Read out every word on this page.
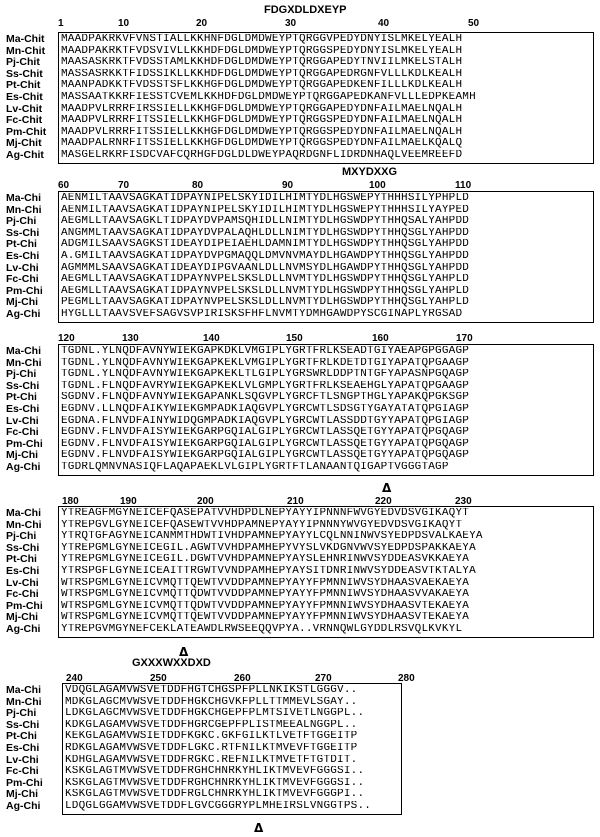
FDGXDLDXEYP
1	10	20	30	40	50
Ma-Chit MAADPAKRKVFVNSTIALLKKHNFDGLDMDWEYPTQRGGVPEDYDNYISLMKELYEALH
Mn-Chit MAADPAKRKTFVDSVIVLLKKHDFDGLDMDWEYPTQRGGSPEDYDNYISLMKELYEALH
Pj-Chit MAASASKRKTFVDSSTAMLKKHDFDGLDMDWEYPTQRGGAPEDYTNVIILMKELSTALH
Ss-Chit MASSASRKKTFIDSSIKLLKKHDFDGLDMDWEYPTQRGGAPEDRGNFVLLLKDLKEALH
Pt-Chit MAANPADKKTFVDSSTSFLKKHGFDGLDMDWEYPTQRGGAPEDKENFILLLKDLKEALH
Es-Chit MASSAATKKRFIESSTCVEMLKKHDFDGLDMDWEYPTQRGGAPEDKANFVLLLEDPKEAMH
Lv-Chit MAADPVLRRRFIRSSIELLKKHGFDGLDMDWEYPTQRGGAPEDYDNFAILMAELNQALH
Fc-Chit MAADPVLRRRFITSSIELLKKHGFDGLDMDWEYPTQRGGSPEDYDNFAILMAELNQALH
Pm-Chit MAADPVLRRRFITSSIELLKKHGFDGLDMDWEYPTQRGGSPEDYDNFAILMAELNQALH
Mj-Chit MAADPALRNRFITSSIELLKKHGFDGLDMDWEYPTQRGGSPEDYDNFAILMAELKQALQ
Ag-Chit MASGELRKRFISDCVAFCQRHGFDGLDLDWEYPAQRDGNFLIDRDNHAQLVEEMREEFD
MXYDXXG
60	70	80	90	100	110
Ma-Chi AENMILTAAVSAGKATIDPAYNIPELSKYIDILHIMTYDLHGSWEPYTHHHSILYPHPLD
Mn-Chi AENMILTAAVSAGKATIDPAYNIPELSKYIDILHIMTYDLHGSWEPYTHHHSILYAYPED
Pj-Chi AEGMLLTAAVSAGKLTIDPAYDVPAMSQHIDLLNIMTYDLHGSWDPYTHHQSALYAHPDD
Ss-Chi ANGMMLTAAVSAGKATIDPAYDVPALAQHLDLLNIMTYDLHGSWDPYTHHQSGLYAHPDD
Pt-Chi ADGMILSAAVSAGKSTIDEAYDIPEIAEHLDAMNIMTYDLHGSWDPYTHHQSGLYAHPDD
Es-Chi A.GMILTAAVSAGKATIDPAYDVPGMAQQLDMVNVMAYDLHGAWDPYTHHQSGLYAHPDD
Lv-Chi AGMMMLSAAVSAGKATIDEAYDIPGVAANLDLLNVMSYDLHGAWDPYTHHQSGLYAHPDD
Fc-Chi AEGMLLTAAVSAGKATIDPAYNVPELSKSLDLLNVMTYDLHGSWDPYTHHQSGLYAHPLD
Pm-Chi AEGMLLTAAVSAGKATIDPAYNVPELSKSLDLLNVMTYDLHGSWDPYTHHQSGLYAHPLD
Mj-Chi PEGMLLTAAVSAGKATIDPAYNVPELSKSLDLLNVMTYDLHGSWDPYTHHQSGLYAHPLD
Ag-Chi HYGLLLTAAVSVEFSAGVSVPIRISKSFHFLNVMTYDMHGAWDPYSCGINAPLYRGSAD
120	130	140	150	160	170
Ma-Chi TGDNL.YLNQDFAVNYWIEKGAPKDKLVMGIPLYGRTFRLKSEADTGIYAEAPGPGGAGP
Mn-Chi TGDNL.YLNQDFAVNYWIEKGAPKEKLVMGIPLYGRTFRLKDETDTGIYAPATQPGAAGP
Pj-Chi TGDNL.YLNQDFAVNYWIEKGAPKEKLTLGIPLYGRSWRLDDPTNTGFYAPASNPGQAGP
Ss-Chi TGDNL.FLNQDFAVRYWIEKGAPKEKLVLGMPLYGRTFRLKSEAEHGLYAPATQPGAAGP
Pt-Chi SGDNV.FLNQDFAVNYWIEKGAPANKLSQGVPLYGRCFTLSNGPTHGLYAPAKQPGKSGP
Es-Chi EGDNV.LLNQDFAIKYWIEKGMPADKIAQGVPLYGRCWTLSDSGTYGAYATATQPGIAGP
Lv-Chi EGDNA.FLNVDFAINYWIDQGMPADKIAQGVPLYGRCWTLASSDDTGYYAPATQPGIAGP
Fc-Chi EGDNV.FLNVDFAISYWIEKGARPGQIALGIPLYGRCWTLASSQETGYYAPATQPGQAGP
Pm-Chi EGDNV.FLNVDFAISYWIEKGARPGQIALGIPLYGRCWTLASSQETGYYAPATQPGQAGP
Mj-Chi EGDNV.FLNVDFAISYWIEKGARPGQIALGIPLYGRCWTLASSQETGYYAPATQPGQAGP
Ag-Chi TGDRLQMNVNASIQFLAQAPAEKLVLGIPLYGRTFTLANAANTQIGAPTVGGGTAGP
180	190	200	210	220	230
Ma-Chi YTREAGFMGYNEICEFQASEPATVVHDPDLNEPYAYYIPNNNFWVGYEDVDSVGIKAQYT
Mn-Chi YTREPGVLGYNEICEFQASEWTVVHDPAMNEPYAYYIPNNNYWVGYEDVDSVGIKAQYT
Pj-Chi YTRQTGFAGYNEICANMMTHDWTIVHDPAMNEPYAYYLCQLNNINWVSYEDPDSVALKAEYA
Ss-Chi YTREPGMLGYNEICEGIL.AGWTVVHDPAMHEPYVYSLVKDGNVWVSYEDPDSPAKKAEYA
Pt-Chi YTREPGMLGYNEICEGIL.DGWTVVHDPAMNEPYAYSLEHNRINWVSYDDEASVKKAEYA
Es-Chi YTRSPGFLGYNEICEAITTRGWTVVNDPAMHEPYAYSITDNRINWVSYDDEASVTKTALYA
Lv-Chi WTRSPGMLGYNEICVMQTTQEWTVVDDPAMNEPYAYYFPMNNIWVSYDHAASVAEKAEYA
Fc-Chi WTRSPGMLGYNEICVMQTTQDWTVVDDPAMNEPYAYYFPMNNIWVSYDHAASVVAKAEYA
Pm-Chi WTRSPGMLGYNEICVMQTTQDWTVVDDPAMNEPYAYYFPMNNIWVSYDHAASVTEKAEYA
Mj-Chi WTRSPGMLGYNEICVMQTTQEWTVVDDPAMNEPYAYYFPMNNIWVSYDHAASVTEKAEYA
Ag-Chi YTREPGVMGYNEFCEKLATEAWDLRWSEEQQVPYA..VRNNQWLGYDDLRSVQLKVKYL
GXXXWXXDXD
240	250	260	270	280
Ma-Chi VDQGLAGAMVWSVETDDFHGTCHGSPFPLLNKIKSTLGGGV..
Mn-Chi MDKGLAGCMVWSVETDDFHGKCHGVKFPLLTTMMEVLSGAY..
Pj-Chi	LDKGLAGCMVWSVETDDFHGKCHGEPFPLMTSIVETLNGGPL..
Ss-Chi KDKGLAGAMVWSVETDDFHGRCGEPFPLISTMEEALNGGPL..
Pt-Chi	KEKGLAGAMVWSIETDDFKGKC.GKFGILKTLVETFTGGEITP
Es-Chi RDKGLAGAMVWSVETDDFLGKC.RTFNILKTMVEVFTGGEITP
Lv-Chi KDHGLAGAMVWSVETDDFRGKC.REFNILKTMVETFTGTDIT.
Fc-Chi KSKGLAGTMVWSVETDDFRGHCHNRKYHLIKTMVEVFGGGSI..
Pm-Chi KSKGLAGTMVWSVETDDFRGHCHNRKYHLIKTMVEVFGGGSI..
Mj-Chi KSKGLAGTMVWSVETDDFRGLCHNRKYHLIKTMVEVFGGGPI..
Ag-Chi LDQGLGGAMVWSVETDDFLGVCGGGRYPLMHEIRSLVNGGTPS..
Δ
Δ
Δ
